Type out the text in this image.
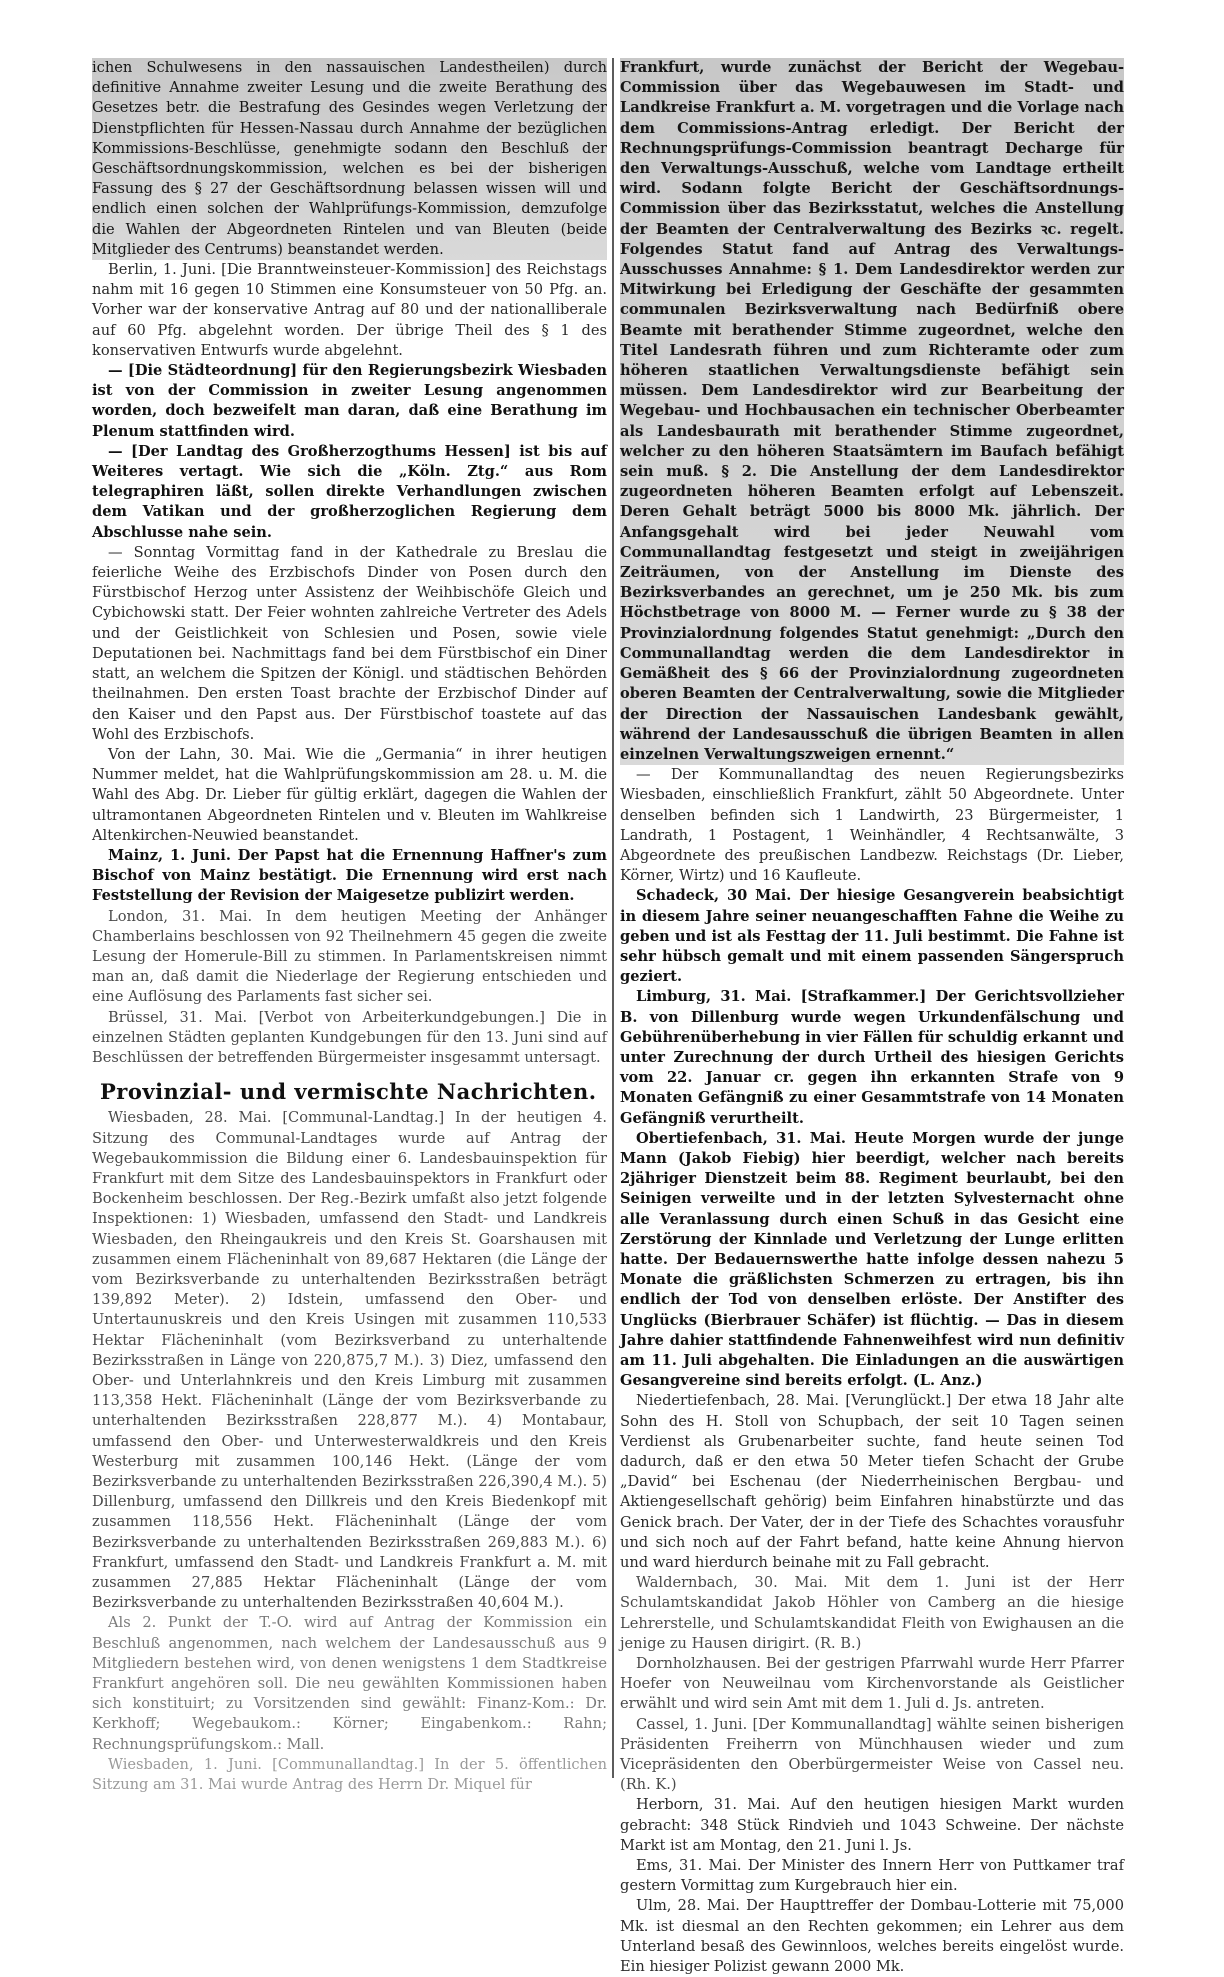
ichen Schulwesens in den nassauischen Landestheilen) durch definitive Annahme zweiter Lesung und die zweite Berathung des Gesetzes betr. die Bestrafung des Gesindes wegen Verletzung der Dienstpflichten für Hessen-Nassau durch Annahme der bezüglichen Kommissions-Beschlüsse, genehmigte sodann den Beschluß der Geschäftsordnungskommission, welchen es bei der bisherigen Fassung des § 27 der Geschäftsordnung belassen wissen will und endlich einen solchen der Wahlprüfungs-Kommission, demzufolge die Wahlen der Abgeordneten Rintelen und van Bleuten (beide Mitglieder des Centrums) beanstandet werden.

Berlin, 1. Juni. [Die Branntweinsteuer-Kommission] des Reichstags nahm mit 16 gegen 10 Stimmen eine Konsumsteuer von 50 Pfg. an. Vorher war der konservative Antrag auf 80 und der nationalliberale auf 60 Pfg. abgelehnt worden. Der übrige Theil des § 1 des konservativen Entwurfs wurde abgelehnt.

— [Die Städteordnung] für den Regierungsbezirk Wiesbaden ist von der Commission in zweiter Lesung angenommen worden, doch bezweifelt man daran, daß eine Berathung im Plenum stattfinden wird.

— [Der Landtag des Großherzogthums Hessen] ist bis auf Weiteres vertagt. Wie sich die „Köln. Ztg.“ aus Rom telegraphiren läßt, sollen direkte Verhandlungen zwischen dem Vatikan und der großherzoglichen Regierung dem Abschlusse nahe sein.

— Sonntag Vormittag fand in der Kathedrale zu Breslau die feierliche Weihe des Erzbischofs Dinder von Posen durch den Fürstbischof Herzog unter Assistenz der Weihbischöfe Gleich und Cybichowski statt. Der Feier wohnten zahlreiche Vertreter des Adels und der Geistlichkeit von Schlesien und Posen, sowie viele Deputationen bei. Nachmittags fand bei dem Fürstbischof ein Diner statt, an welchem die Spitzen der Königl. und städtischen Behörden theilnahmen. Den ersten Toast brachte der Erzbischof Dinder auf den Kaiser und den Papst aus. Der Fürstbischof toastete auf das Wohl des Erzbischofs.

Von der Lahn, 30. Mai. Wie die „Germania“ in ihrer heutigen Nummer meldet, hat die Wahlprüfungskommission am 28. u. M. die Wahl des Abg. Dr. Lieber für gültig erklärt, dagegen die Wahlen der ultramontanen Abgeordneten Rintelen und v. Bleuten im Wahlkreise Altenkirchen-Neuwied beanstandet.

Mainz, 1. Juni. Der Papst hat die Ernennung Haffner's zum Bischof von Mainz bestätigt. Die Ernennung wird erst nach Feststellung der Revision der Maigesetze publizirt werden.

London, 31. Mai. In dem heutigen Meeting der Anhänger Chamberlains beschlossen von 92 Theilnehmern 45 gegen die zweite Lesung der Homerule-Bill zu stimmen. In Parlamentskreisen nimmt man an, daß damit die Niederlage der Regierung entschieden und eine Auflösung des Parlaments fast sicher sei.

Brüssel, 31. Mai. [Verbot von Arbeiterkundgebungen.] Die in einzelnen Städten geplanten Kundgebungen für den 13. Juni sind auf Beschlüssen der betreffenden Bürgermeister insgesammt untersagt.

Provinzial- und vermischte Nachrichten.

Wiesbaden, 28. Mai. [Communal-Landtag.] In der heutigen 4. Sitzung des Communal-Landtages wurde auf Antrag der Wegebaukommission die Bildung einer 6. Landesbauinspektion für Frankfurt mit dem Sitze des Landesbauinspektors in Frankfurt oder Bockenheim beschlossen. Der Reg.-Bezirk umfaßt also jetzt folgende Inspektionen: 1) Wiesbaden, umfassend den Stadt- und Landkreis Wiesbaden, den Rheingaukreis und den Kreis St. Goarshausen mit zusammen einem Flächeninhalt von 89,687 Hektaren (die Länge der vom Bezirksverbande zu unterhaltenden Bezirksstraßen beträgt 139,892 Meter). 2) Idstein, umfassend den Ober- und Untertaunuskreis und den Kreis Usingen mit zusammen 110,533 Hektar Flächeninhalt (vom Bezirksverband zu unterhaltende Bezirksstraßen in Länge von 220,875,7 M.). 3) Diez, umfassend den Ober- und Unterlahnkreis und den Kreis Limburg mit zusammen 113,358 Hekt. Flächeninhalt (Länge der vom Bezirksverbande zu unterhaltenden Bezirksstraßen 228,877 M.). 4) Montabaur, umfassend den Ober- und Unterwesterwaldkreis und den Kreis Westerburg mit zusammen 100,146 Hekt. (Länge der vom Bezirksverbande zu unterhaltenden Bezirksstraßen 226,390,4 M.). 5) Dillenburg, umfassend den Dillkreis und den Kreis Biedenkopf mit zusammen 118,556 Hekt. Flächeninhalt (Länge der vom Bezirksverbande zu unterhaltenden Bezirksstraßen 269,883 M.). 6) Frankfurt, umfassend den Stadt- und Landkreis Frankfurt a. M. mit zusammen 27,885 Hektar Flächeninhalt (Länge der vom Bezirksverbande zu unterhaltenden Bezirksstraßen 40,604 M.).

Als 2. Punkt der T.-O. wird auf Antrag der Kommission ein Beschluß angenommen, nach welchem der Landesausschuß aus 9 Mitgliedern bestehen wird, von denen wenigstens 1 dem Stadtkreise Frankfurt angehören soll. Die neu gewählten Kommissionen haben sich konstituirt; zu Vorsitzenden sind gewählt: Finanz-Kom.: Dr. Kerkhoff; Wegebaukom.: Körner; Eingabenkom.: Rahn; Rechnungsprüfungskom.: Mall.

Wiesbaden, 1. Juni. [Communallandtag.] In der 5. öffentlichen Sitzung am 31. Mai wurde Antrag des Herrn Dr. Miquel für

Frankfurt, wurde zunächst der Bericht der Wegebau-Commission über das Wegebauwesen im Stadt- und Landkreise Frankfurt a. M. vorgetragen und die Vorlage nach dem Commissions-Antrag erledigt. Der Bericht der Rechnungsprüfungs-Commission beantragt Decharge für den Verwaltungs-Ausschuß, welche vom Landtage ertheilt wird. Sodann folgte Bericht der Geschäftsordnungs-Commission über das Bezirksstatut, welches die Anstellung der Beamten der Centralverwaltung des Bezirks ꝛc. regelt. Folgendes Statut fand auf Antrag des Verwaltungs-Ausschusses Annahme: § 1. Dem Landesdirektor werden zur Mitwirkung bei Erledigung der Geschäfte der gesammten communalen Bezirksverwaltung nach Bedürfniß obere Beamte mit berathender Stimme zugeordnet, welche den Titel Landesrath führen und zum Richteramte oder zum höheren staatlichen Verwaltungsdienste befähigt sein müssen. Dem Landesdirektor wird zur Bearbeitung der Wegebau- und Hochbausachen ein technischer Oberbeamter als Landesbaurath mit berathender Stimme zugeordnet, welcher zu den höheren Staatsämtern im Baufach befähigt sein muß. § 2. Die Anstellung der dem Landesdirektor zugeordneten höheren Beamten erfolgt auf Lebenszeit. Deren Gehalt beträgt 5000 bis 8000 Mk. jährlich. Der Anfangsgehalt wird bei jeder Neuwahl vom Communallandtag festgesetzt und steigt in zweijährigen Zeiträumen, von der Anstellung im Dienste des Bezirksverbandes an gerechnet, um je 250 Mk. bis zum Höchstbetrage von 8000 M. — Ferner wurde zu § 38 der Provinzialordnung folgendes Statut genehmigt: „Durch den Communallandtag werden die dem Landesdirektor in Gemäßheit des § 66 der Provinzialordnung zugeordneten oberen Beamten der Centralverwaltung, sowie die Mitglieder der Direction der Nassauischen Landesbank gewählt, während der Landesausschuß die übrigen Beamten in allen einzelnen Verwaltungszweigen ernennt.“

— Der Kommunallandtag des neuen Regierungsbezirks Wiesbaden, einschließlich Frankfurt, zählt 50 Abgeordnete. Unter denselben befinden sich 1 Landwirth, 23 Bürgermeister, 1 Landrath, 1 Postagent, 1 Weinhändler, 4 Rechtsanwälte, 3 Abgeordnete des preußischen Landbezw. Reichstags (Dr. Lieber, Körner, Wirtz) und 16 Kaufleute.

Schadeck, 30 Mai. Der hiesige Gesangverein beabsichtigt in diesem Jahre seiner neuangeschafften Fahne die Weihe zu geben und ist als Festtag der 11. Juli bestimmt. Die Fahne ist sehr hübsch gemalt und mit einem passenden Sängerspruch geziert.

Limburg, 31. Mai. [Strafkammer.] Der Gerichtsvollzieher B. von Dillenburg wurde wegen Urkundenfälschung und Gebührenüberhebung in vier Fällen für schuldig erkannt und unter Zurechnung der durch Urtheil des hiesigen Gerichts vom 22. Januar cr. gegen ihn erkannten Strafe von 9 Monaten Gefängniß zu einer Gesammtstrafe von 14 Monaten Gefängniß verurtheilt.

Obertiefenbach, 31. Mai. Heute Morgen wurde der junge Mann (Jakob Fiebig) hier beerdigt, welcher nach bereits 2jähriger Dienstzeit beim 88. Regiment beurlaubt, bei den Seinigen verweilte und in der letzten Sylvesternacht ohne alle Veranlassung durch einen Schuß in das Gesicht eine Zerstörung der Kinnlade und Verletzung der Lunge erlitten hatte. Der Bedauernswerthe hatte infolge dessen nahezu 5 Monate die gräßlichsten Schmerzen zu ertragen, bis ihn endlich der Tod von denselben erlöste. Der Anstifter des Unglücks (Bierbrauer Schäfer) ist flüchtig. — Das in diesem Jahre dahier stattfindende Fahnenweihfest wird nun definitiv am 11. Juli abgehalten. Die Einladungen an die auswärtigen Gesangvereine sind bereits erfolgt. (L. Anz.)

Niedertiefenbach, 28. Mai. [Verunglückt.] Der etwa 18 Jahr alte Sohn des H. Stoll von Schupbach, der seit 10 Tagen seinen Verdienst als Grubenarbeiter suchte, fand heute seinen Tod dadurch, daß er den etwa 50 Meter tiefen Schacht der Grube „David“ bei Eschenau (der Niederrheinischen Bergbau- und Aktiengesellschaft gehörig) beim Einfahren hinabstürzte und das Genick brach. Der Vater, der in der Tiefe des Schachtes vorausfuhr und sich noch auf der Fahrt befand, hatte keine Ahnung hiervon und ward hierdurch beinahe mit zu Fall gebracht.

Waldernbach, 30. Mai. Mit dem 1. Juni ist der Herr Schulamtskandidat Jakob Höhler von Camberg an die hiesige Lehrerstelle, und Schulamtskandidat Fleith von Ewighausen an die jenige zu Hausen dirigirt. (R. B.)

Dornholzhausen. Bei der gestrigen Pfarrwahl wurde Herr Pfarrer Hoefer von Neuweilnau vom Kirchenvorstande als Geistlicher erwählt und wird sein Amt mit dem 1. Juli d. Js. antreten.

Cassel, 1. Juni. [Der Kommunallandtag] wählte seinen bisherigen Präsidenten Freiherrn von Münchhausen wieder und zum Vicepräsidenten den Oberbürgermeister Weise von Cassel neu. (Rh. K.)

Herborn, 31. Mai. Auf den heutigen hiesigen Markt wurden gebracht: 348 Stück Rindvieh und 1043 Schweine. Der nächste Markt ist am Montag, den 21. Juni l. Js.

Ems, 31. Mai. Der Minister des Innern Herr von Puttkamer traf gestern Vormittag zum Kurgebrauch hier ein.

Ulm, 28. Mai. Der Haupttreffer der Dombau-Lotterie mit 75,000 Mk. ist diesmal an den Rechten gekommen; ein Lehrer aus dem Unterland besaß des Gewinnloos, welches bereits eingelöst wurde. Ein hiesiger Polizist gewann 2000 Mk.
